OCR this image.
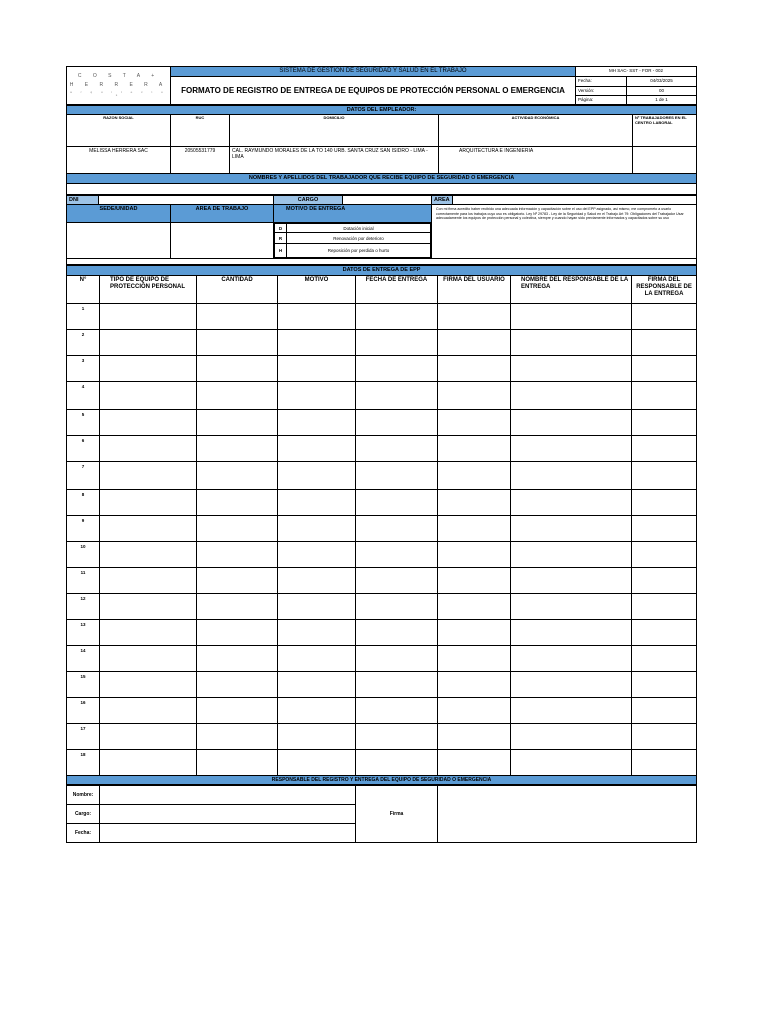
C O S T A +
H E R R E R A
a r q u i t e c t o s	SISTEMA DE GESTIÓN DE SEGURIDAD Y SALUD EN EL TRABAJO	MH SAC- SST - FOR - 002	
	FORMATO DE REGISTRO DE ENTREGA DE EQUIPOS DE PROTECCIÓN PERSONAL O EMERGENCIA	Fecha:	04/03/2025
		Versión:	00
		Página:	1 de 1
DATOS DEL EMPLEADOR:				
RAZON SOCIAL	RUC	DOMICILIO	ACTIVIDAD ECONÓMICA	Nº TRABAJADORES EN EL CENTRO LABORAL
MELISSA HERRERA SAC	20505531779	CAL. RAYMUNDO MORALES DE LA TO 140 URB. SANTA CRUZ SAN ISIDRO - LIMA - LIMA	ARQUITECTURA E INGENIERIA	
NOMBRES Y APELLIDOS DEL TRABAJADOR QUE RECIBE EQUIPO DE SEGURIDAD O EMERGENCIA				

DNI		CARGO			AREA	

SEDE/UNIDAD	AREA DE TRABAJO	MOTIVO DE ENTREGA	Con mi firma acredito haber recibido una adecuada información y capacitación sobre el uso del EPP asignado, asi mismo, me comprometo a usarlo correctamente para los trabajos cuyo uso es obligatorio. Ley Nº 29783 - Ley de la Seguridad y Salud en el Trabajo Art 79: Obligaciones del Trabajador Usar adecuadamente los equipos de protección personal y colectiva, siempre y cuando hayan sido previamente informados y capacitados sobre su uso

D	Dotación inicial
R	Renovación por deterioro
H	Reposición por perdida o hurto

DATOS DE ENTREGA DE EPP							
N°	TIPO DE EQUIPO DE PROTECCIÓN PERSONAL	CANTIDAD	MOTIVO	FECHA DE ENTREGA	FIRMA DEL USUARIO	NOMBRE DEL RESPONSABLE DE LA ENTREGA	FIRMA DEL RESPONSABLE DE LA ENTREGA
1							
2							
3							
4							
5							
6							
7							
8							
9							
10							
11							
12							
13							
14							
15							
16							
17							
18							
RESPONSABLE DEL REGISTRO Y ENTREGA DEL EQUIPO DE SEGURIDAD O EMERGENCIA							
Nombre:		Firma	
Cargo:			
Fecha:			
